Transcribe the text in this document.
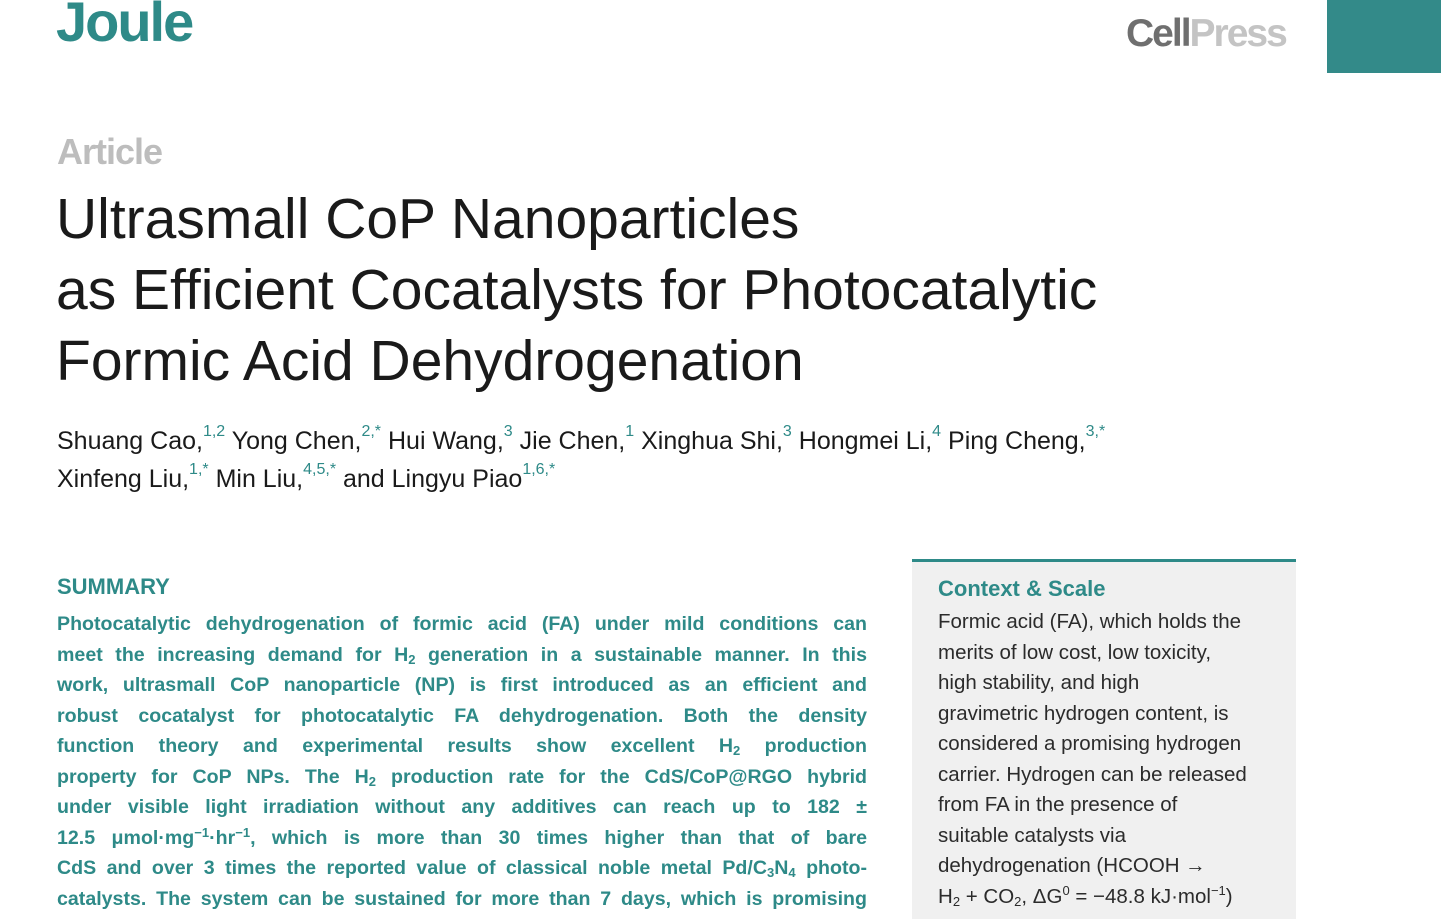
Joule	CellPress
Article
Ultrasmall CoP Nanoparticles
as Efficient Cocatalysts for Photocatalytic
Formic Acid Dehydrogenation
Shuang Cao,$^{1,2}$ Yong Chen,$^{2,*}$ Hui Wang,$^3$ Jie Chen,$^1$ Xinghua Shi,$^3$ Hongmei Li,$^4$ Ping Cheng,$^{3,*}$
Xinfeng Liu,$^{1,*}$ Min Liu,$^{4,5,*}$ and Lingyu Piao$^{1,6,*}$
SUMMARY
Photocatalytic dehydrogenation of formic acid (FA) under mild conditions can
meet the increasing demand for $H_2$ generation in a sustainable manner. In this
work, ultrasmall CoP nanoparticle (NP) is first introduced as an efficient and
robust cocatalyst for photocatalytic FA dehydrogenation. Both the density
function theory and experimental results show excellent $H_2$ production
property for CoP NPs. The $H_2$ production rate for the CdS/CoP@RGO hybrid
under visible light irradiation without any additives can reach up to 182 ±
12.5 $\mu mol\cdot mg^{-1}\cdot hr^{-1}$, which is more than 30 times higher than that of bare
CdS and over 3 times the reported value of classical noble metal $Pd/C_3N_4$ photo-
catalysts. The system can be sustained for more than 7 days, which is promising
Context & Scale
Formic acid (FA), which holds the
merits of low cost, low toxicity,
high stability, and high
gravimetric hydrogen content, is
considered a promising hydrogen
carrier. Hydrogen can be released
from FA in the presence of
suitable catalysts via
dehydrogenation (HCOOH →
$H_2 + CO_2$, $\Delta G^0 = -48.8$ kJ·mol$^{-1}$)
